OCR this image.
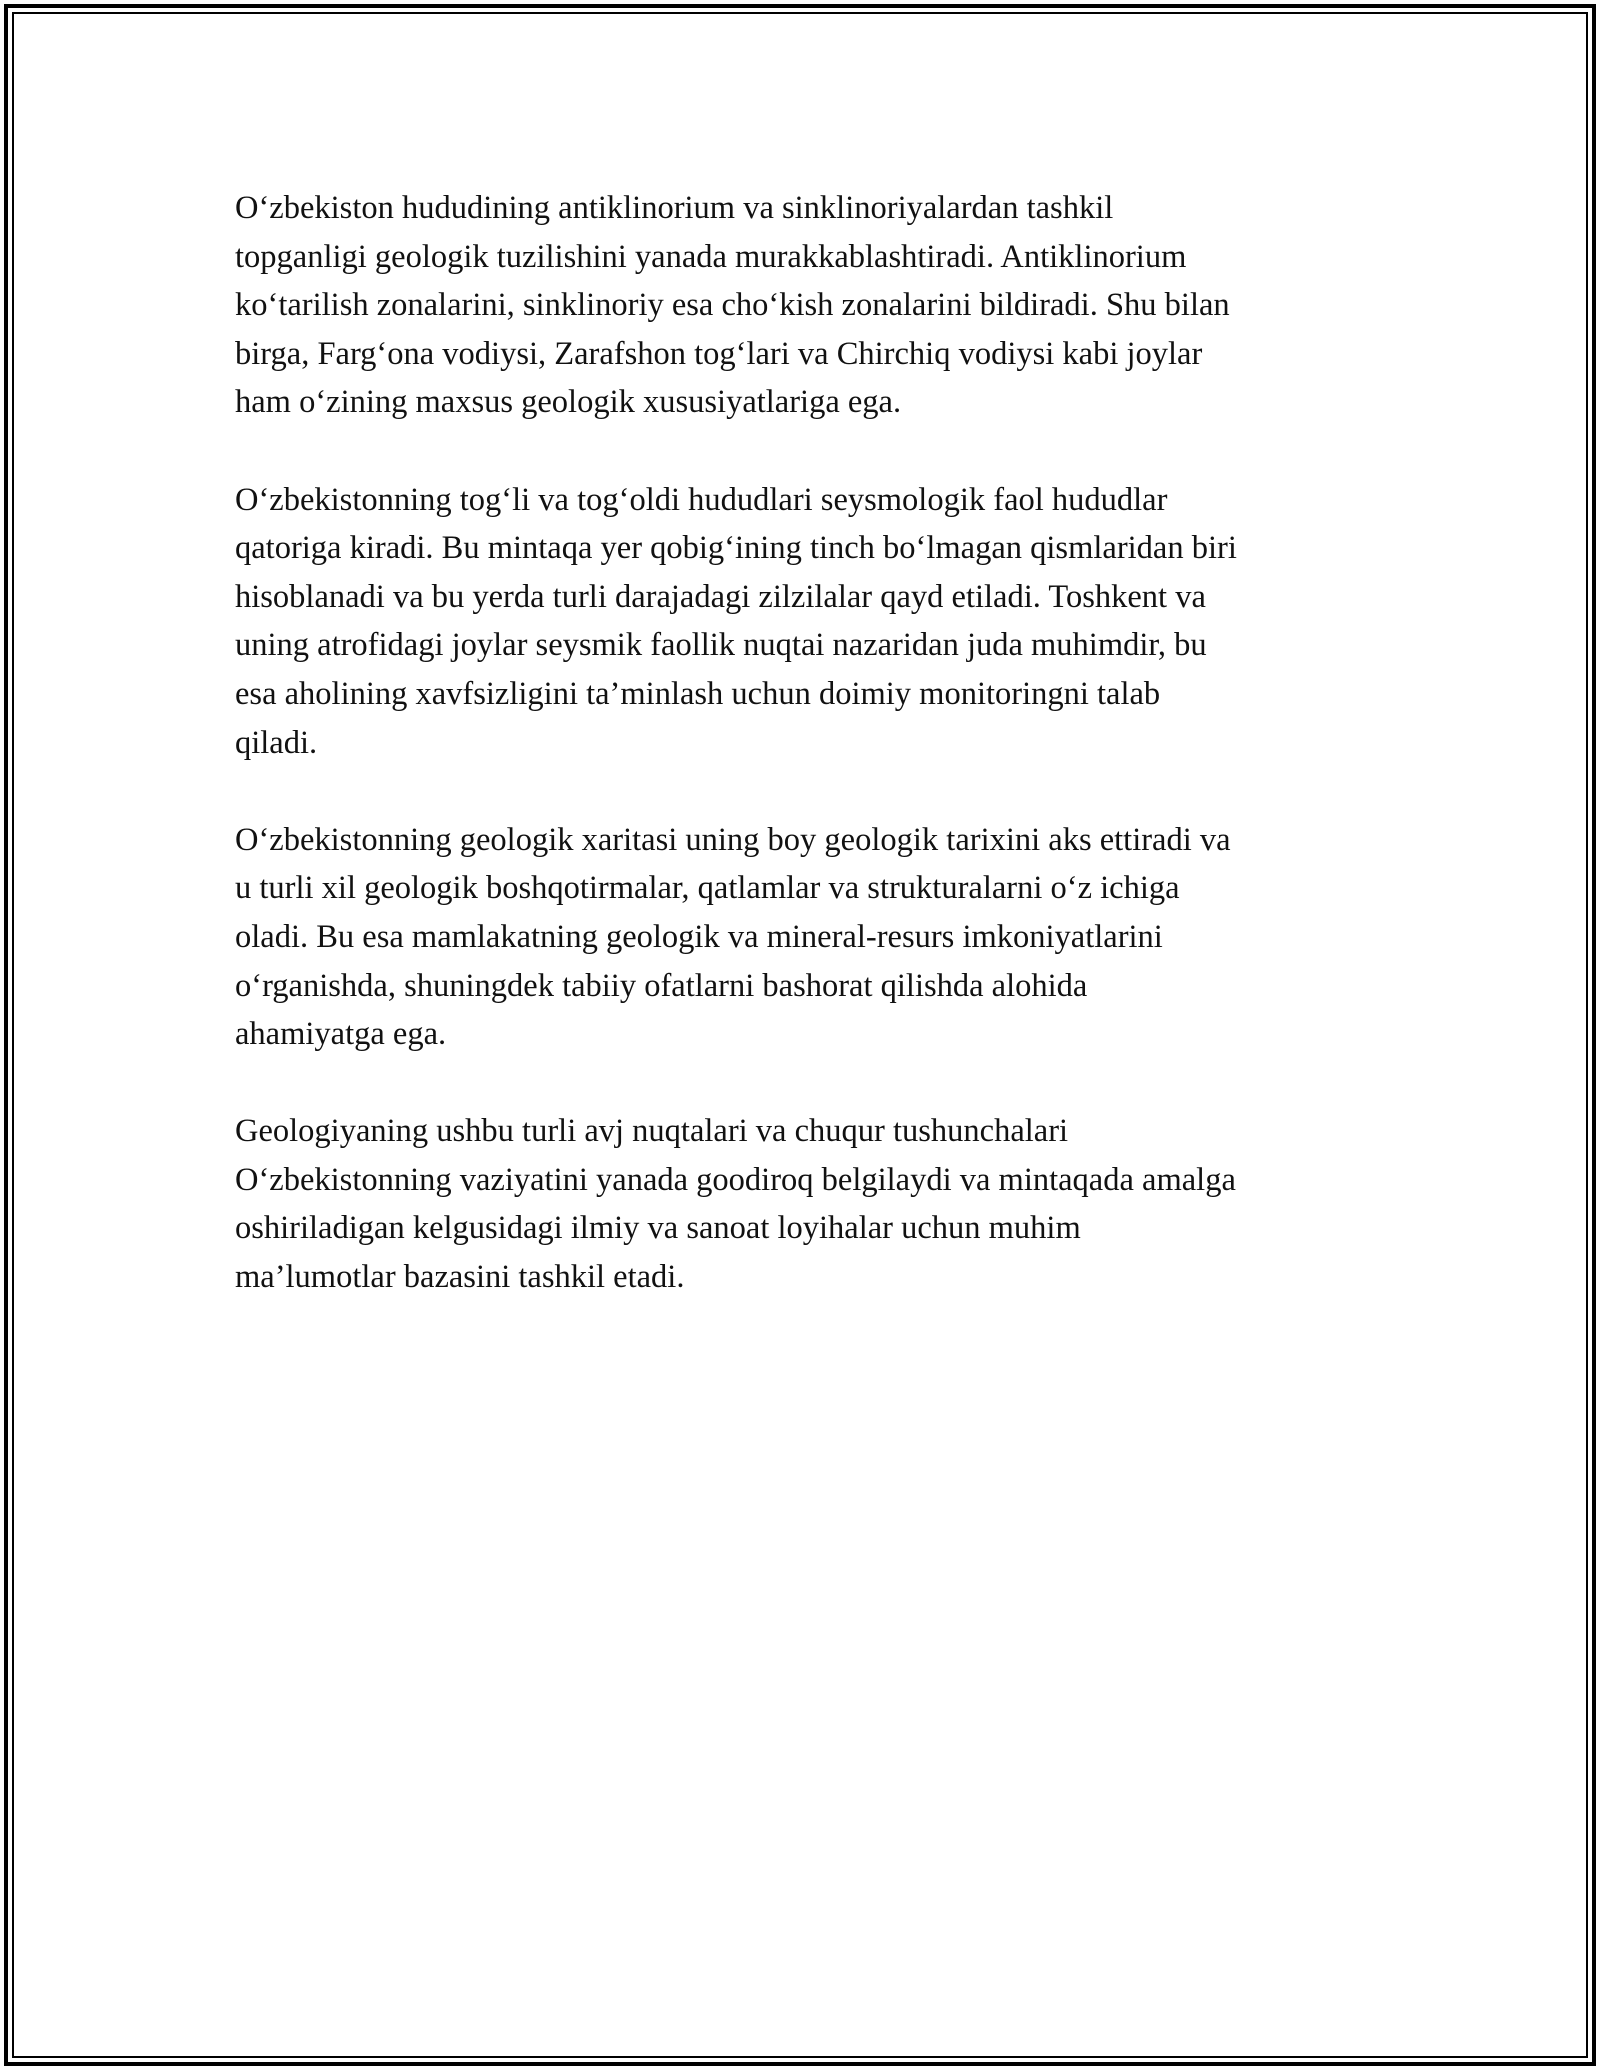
O‘zbekiston hududining antiklinorium va sinklinoriyalardan tashkil
topganligi geologik tuzilishini yanada murakkablashtiradi. Antiklinorium
ko‘tarilish zonalarini, sinklinoriy esa cho‘kish zonalarini bildiradi. Shu bilan
birga, Farg‘ona vodiysi, Zarafshon tog‘lari va Chirchiq vodiysi kabi joylar
ham o‘zining maxsus geologik xususiyatlariga ega.

O‘zbekistonning tog‘li va tog‘oldi hududlari seysmologik faol hududlar
qatoriga kiradi. Bu mintaqa yer qobig‘ining tinch bo‘lmagan qismlaridan biri
hisoblanadi va bu yerda turli darajadagi zilzilalar qayd etiladi. Toshkent va
uning atrofidagi joylar seysmik faollik nuqtai nazaridan juda muhimdir, bu
esa aholining xavfsizligini ta’minlash uchun doimiy monitoringni talab
qiladi.

O‘zbekistonning geologik xaritasi uning boy geologik tarixini aks ettiradi va
u turli xil geologik boshqotirmalar, qatlamlar va strukturalarni o‘z ichiga
oladi. Bu esa mamlakatning geologik va mineral-resurs imkoniyatlarini
o‘rganishda, shuningdek tabiiy ofatlarni bashorat qilishda alohida
ahamiyatga ega.

Geologiyaning ushbu turli avj nuqtalari va chuqur tushunchalari
O‘zbekistonning vaziyatini yanada goodiroq belgilaydi va mintaqada amalga
oshiriladigan kelgusidagi ilmiy va sanoat loyihalar uchun muhim
ma’lumotlar bazasini tashkil etadi.
